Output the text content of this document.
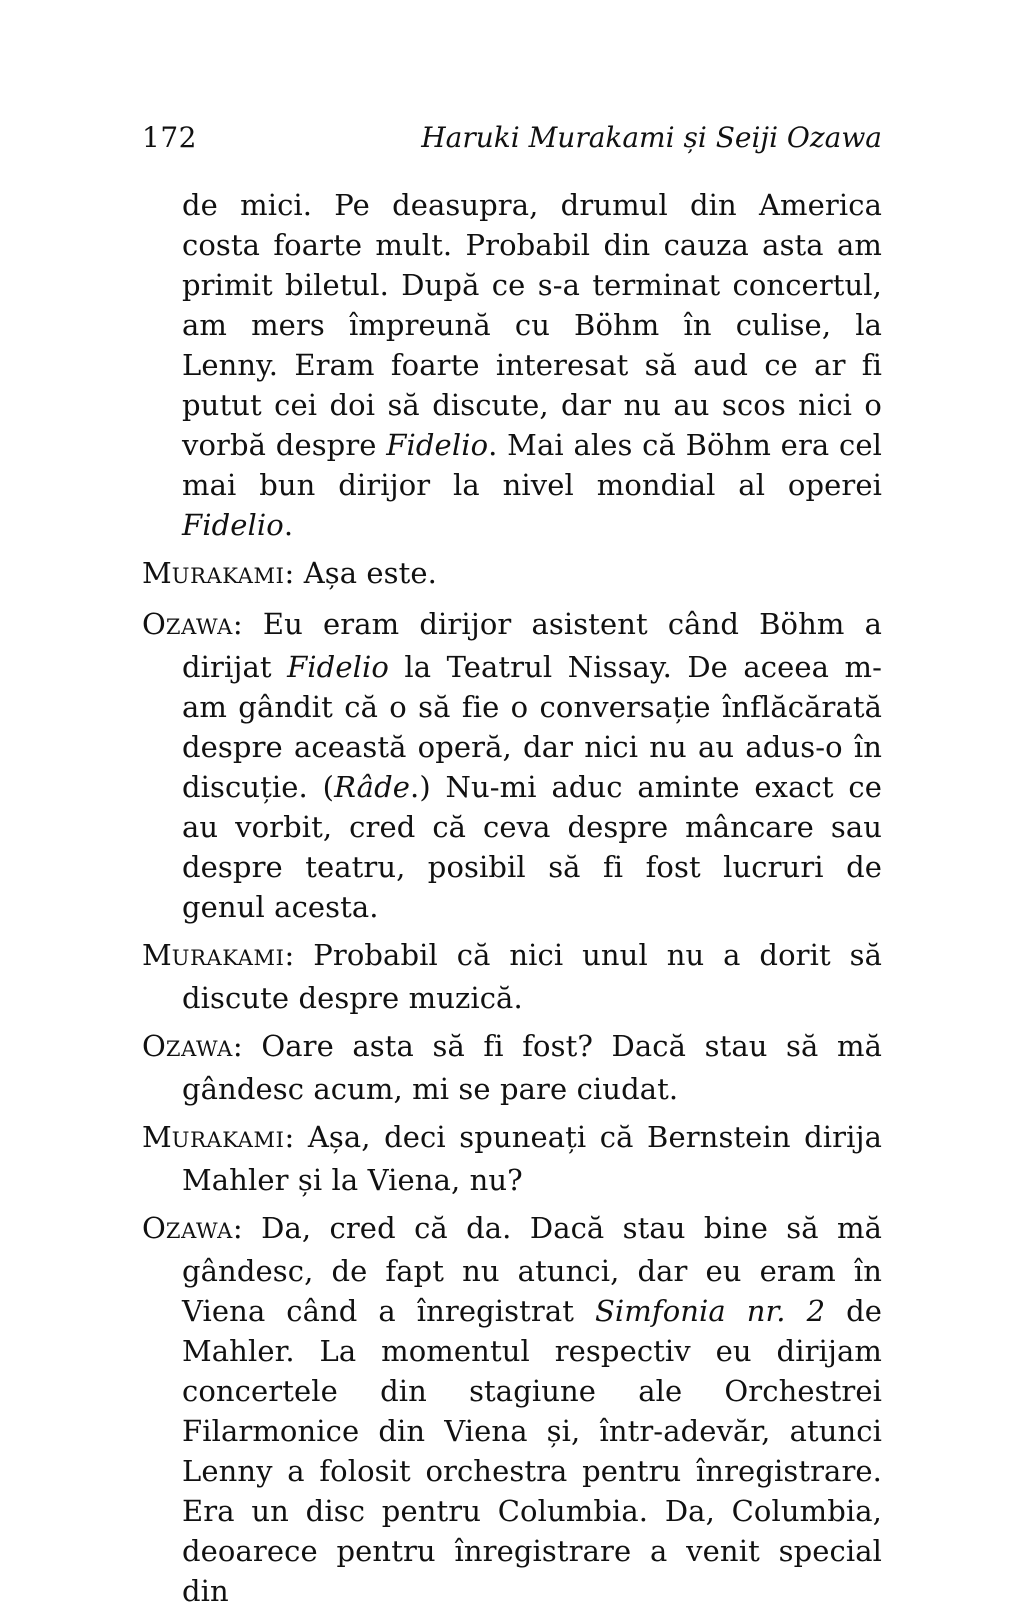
172	Haruki Murakami și Seiji Ozawa

de mici. Pe deasupra, drumul din America costa foarte mult. Probabil din cauza asta am primit biletul. După ce s-a terminat concertul, am mers împreună cu Böhm în culise, la Lenny. Eram foarte interesat să aud ce ar fi putut cei doi să discute, dar nu au scos nici o vorbă despre Fidelio. Mai ales că Böhm era cel mai bun dirijor la nivel mondial al operei Fidelio.

MURAKAMI: Așa este.

OZAWA: Eu eram dirijor asistent când Böhm a dirijat Fidelio la Teatrul Nissay. De aceea m-am gândit că o să fie o conversație înflăcărată despre această operă, dar nici nu au adus-o în discuție. (Râde.) Nu-mi aduc aminte exact ce au vorbit, cred că ceva despre mâncare sau despre teatru, posibil să fi fost lucruri de genul acesta.

MURAKAMI: Probabil că nici unul nu a dorit să discute despre muzică.

OZAWA: Oare asta să fi fost? Dacă stau să mă gândesc acum, mi se pare ciudat.

MURAKAMI: Așa, deci spuneați că Bernstein dirija Mahler și la Viena, nu?

OZAWA: Da, cred că da. Dacă stau bine să mă gândesc, de fapt nu atunci, dar eu eram în Viena când a înregistrat Simfonia nr. 2 de Mahler. La momentul respectiv eu dirijam concertele din stagiune ale Orchestrei Filarmonice din Viena și, într-adevăr, atunci Lenny a folosit orchestra pentru înregistrare. Era un disc pentru Columbia. Da, Columbia, deoarece pentru înregistrare a venit special din
